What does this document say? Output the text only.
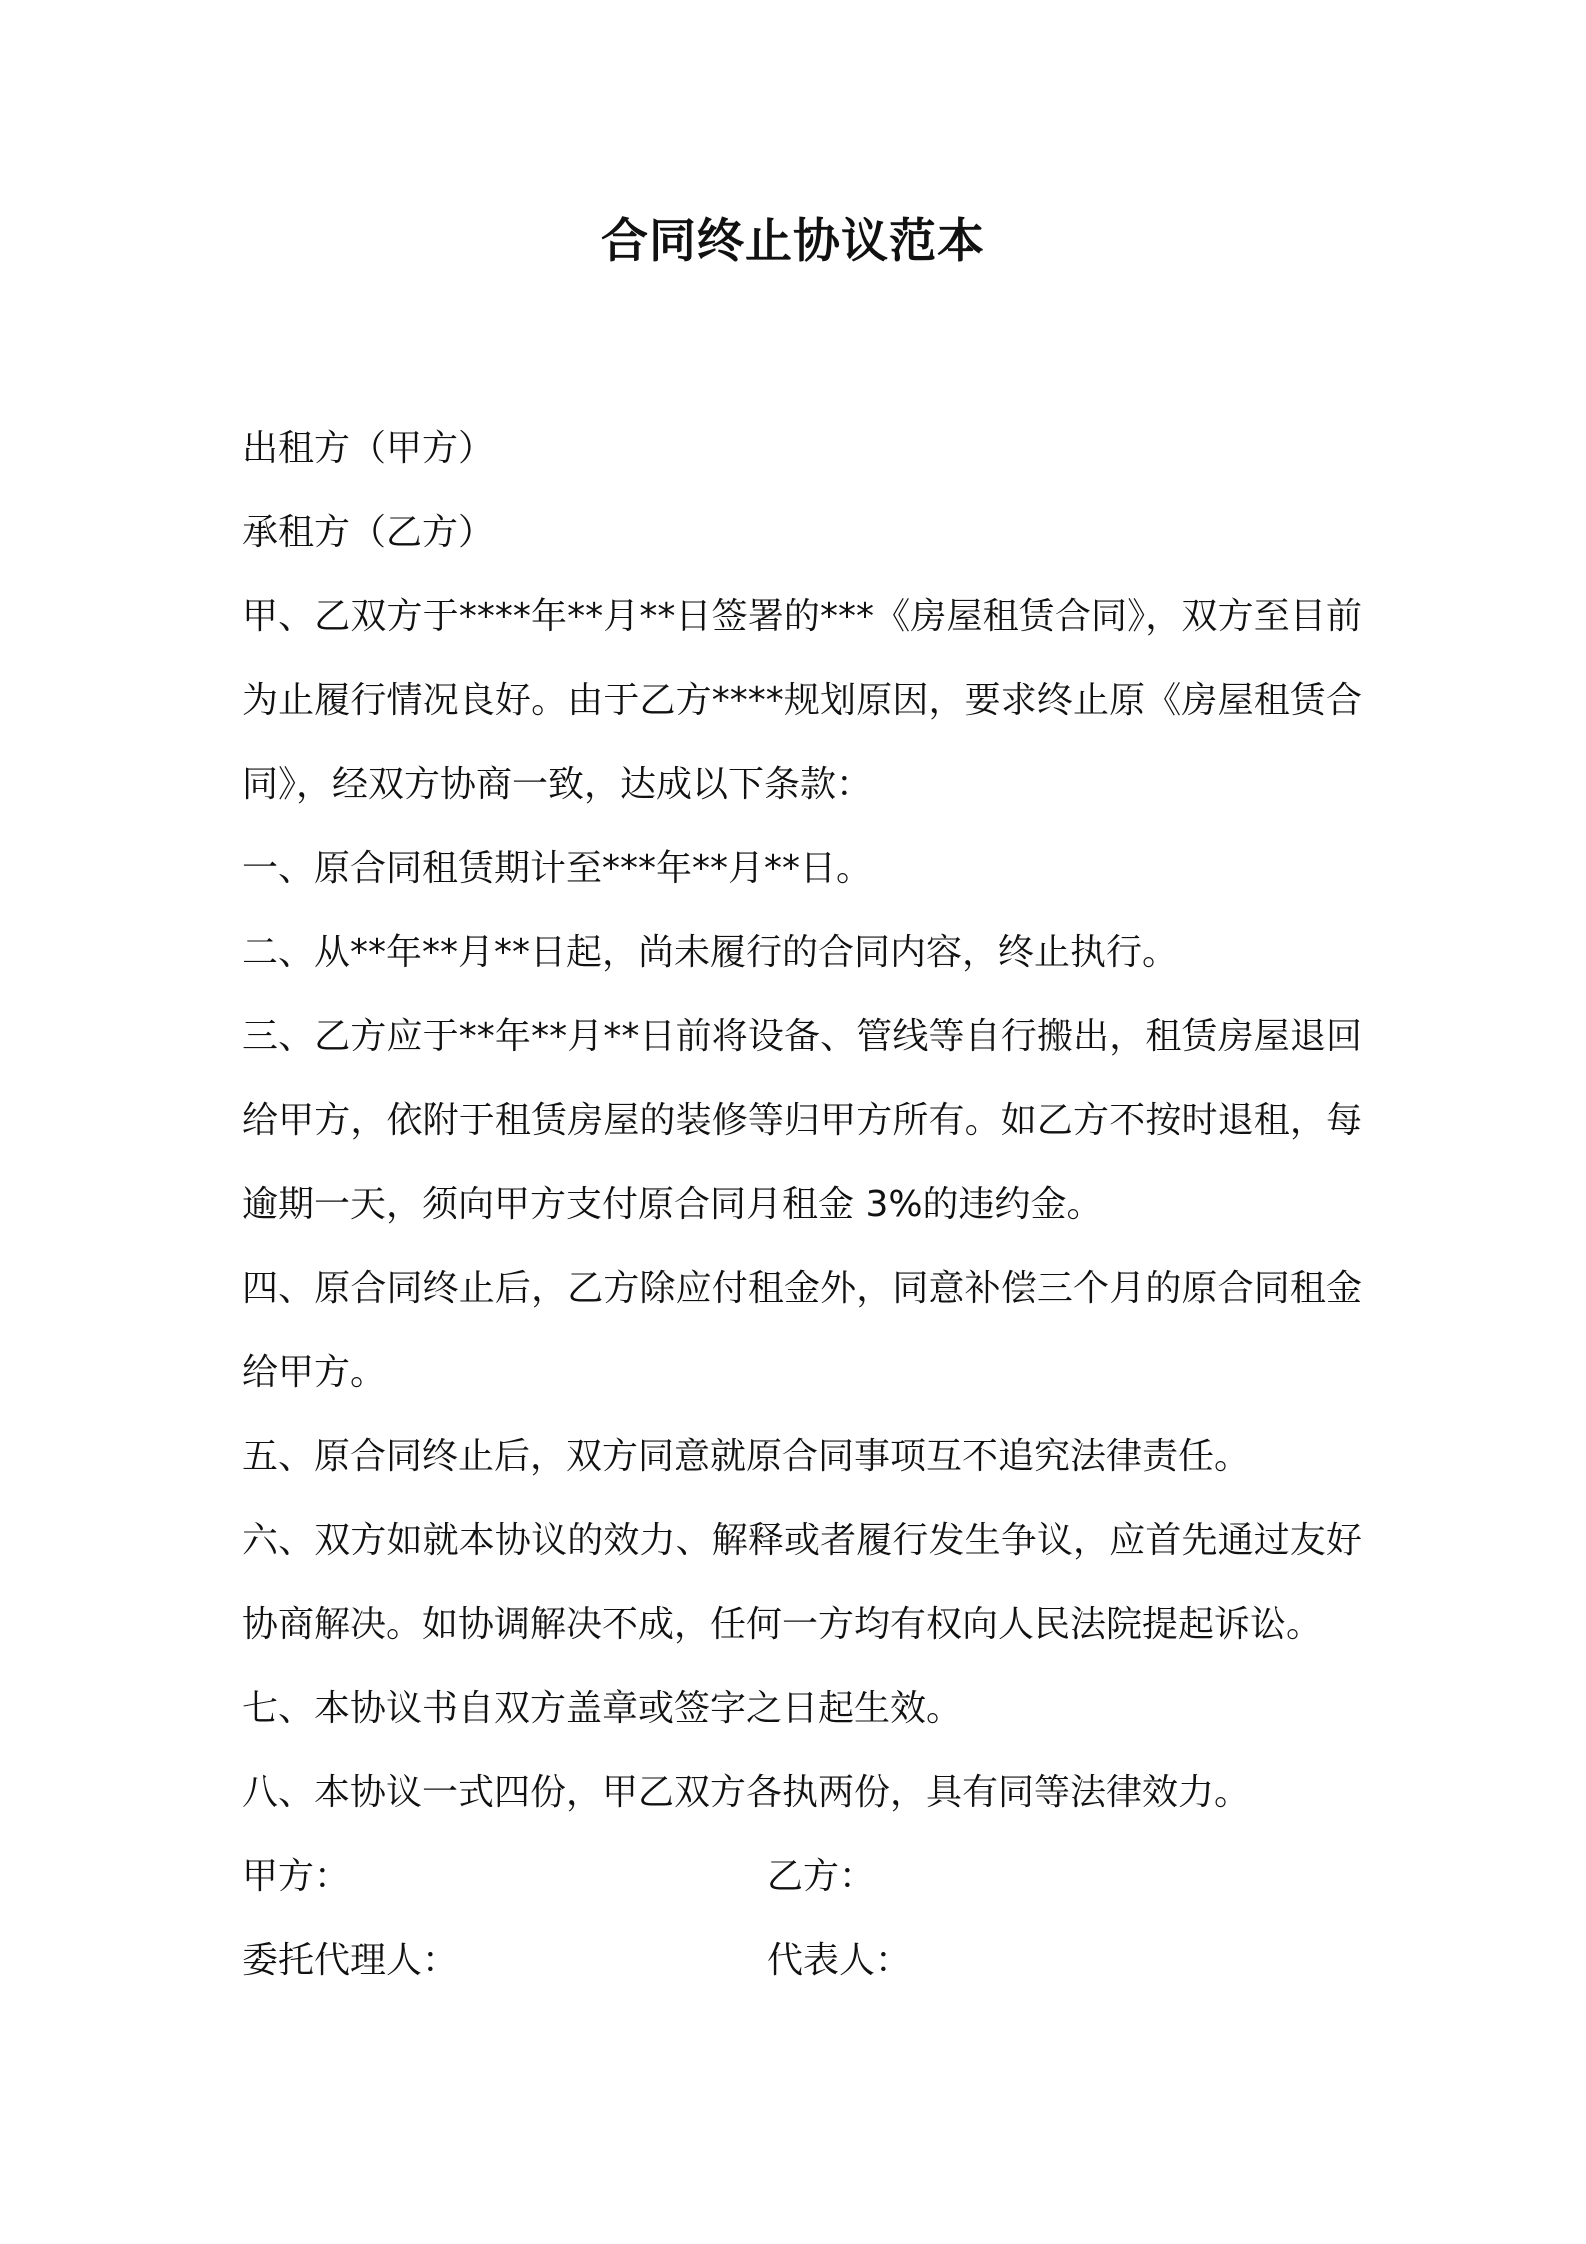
合同终止协议范本

出租方（甲方）

承租方（乙方）

甲、乙双方于****年**月**日签署的***《房屋租赁合同》，双方至目前为止履行情况良好。由于乙方****规划原因，要求终止原《房屋租赁合同》，经双方协商一致，达成以下条款：

一、原合同租赁期计至***年**月**日。

二、从**年**月**日起，尚未履行的合同内容，终止执行。

三、乙方应于**年**月**日前将设备、管线等自行搬出，租赁房屋退回给甲方，依附于租赁房屋的装修等归甲方所有。如乙方不按时退租，每逾期一天，须向甲方支付原合同月租金 3%的违约金。

四、原合同终止后，乙方除应付租金外，同意补偿三个月的原合同租金给甲方。

五、原合同终止后，双方同意就原合同事项互不追究法律责任。

六、双方如就本协议的效力、解释或者履行发生争议，应首先通过友好协商解决。如协调解决不成，任何一方均有权向人民法院提起诉讼。

七、本协议书自双方盖章或签字之日起生效。

八、本协议一式四份，甲乙双方各执两份，具有同等法律效力。

甲方：	乙方：
委托代理人：	代表人：
